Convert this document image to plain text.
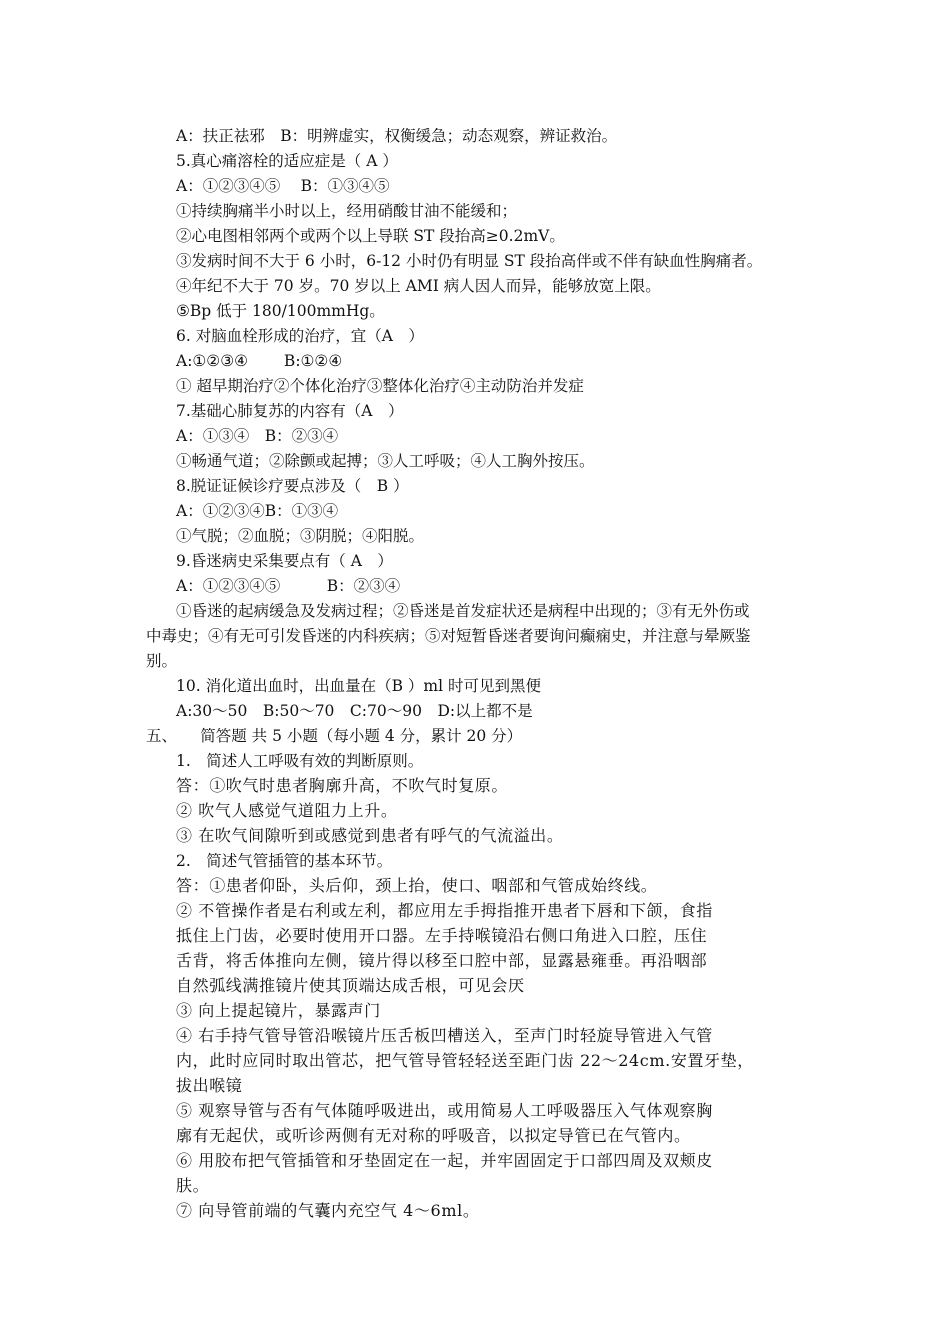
A：扶正祛邪　B：明辨虚实，权衡缓急；动态观察，辨证救治。
5.真心痛溶栓的适应症是（ A ）
A：①②③④⑤　 B：①③④⑤
①持续胸痛半小时以上，经用硝酸甘油不能缓和；
②心电图相邻两个或两个以上导联 ST 段抬高≥0.2mV。
③发病时间不大于 6 小时，6-12 小时仍有明显 ST 段抬高伴或不伴有缺血性胸痛者。
④年纪不大于 70 岁。70 岁以上 AMI 病人因人而异，能够放宽上限。
⑤Bp 低于 180/100mmHg。
6. 对脑血栓形成的治疗，宜（A　）
A:①②③④　　 B:①②④
① 超早期治疗②个体化治疗③整体化治疗④主动防治并发症
7.基础心肺复苏的内容有（A　）
A：①③④　B：②③④
①畅通气道；②除颤或起搏；③人工呼吸；④人工胸外按压。
8.脱证证候诊疗要点涉及（　B ）
A：①②③④B：①③④
①气脱；②血脱；③阴脱；④阳脱。
9.昏迷病史采集要点有（ A　）
A：①②③④⑤　　　B：②③④
①昏迷的起病缓急及发病过程；②昏迷是首发症状还是病程中出现的；③有无外伤或
中毒史；④有无可引发昏迷的内科疾病；⑤对短暂昏迷者要询问癫痫史，并注意与晕厥鉴
别。
10. 消化道出血时，出血量在（B ）ml 时可见到黑便
A:30～50　B:50～70　C:70～90　D:以上都不是
五、　　简答题 共 5 小题（每小题 4 分，累计 20 分）
1.　简述人工呼吸有效的判断原则。
答：①吹气时患者胸廓升高，不吹气时复原。
② 吹气人感觉气道阻力上升。
③ 在吹气间隙听到或感觉到患者有呼气的气流溢出。
2.　简述气管插管的基本环节。
答：①患者仰卧，头后仰，颈上抬，使口、咽部和气管成始终线。
② 不管操作者是右利或左利，都应用左手拇指推开患者下唇和下颌，食指
抵住上门齿，必要时使用开口器。左手持喉镜沿右侧口角进入口腔，压住
舌背，将舌体推向左侧，镜片得以移至口腔中部，显露悬雍垂。再沿咽部
自然弧线满推镜片使其顶端达成舌根，可见会厌
③ 向上提起镜片，暴露声门
④ 右手持气管导管沿喉镜片压舌板凹槽送入，至声门时轻旋导管进入气管
内，此时应同时取出管芯，把气管导管轻轻送至距门齿 22～24cm.安置牙垫，
拔出喉镜
⑤ 观察导管与否有气体随呼吸进出，或用简易人工呼吸器压入气体观察胸
廓有无起伏，或听诊两侧有无对称的呼吸音，以拟定导管已在气管内。
⑥ 用胶布把气管插管和牙垫固定在一起，并牢固固定于口部四周及双颊皮
肤。
⑦ 向导管前端的气囊内充空气 4～6ml。
